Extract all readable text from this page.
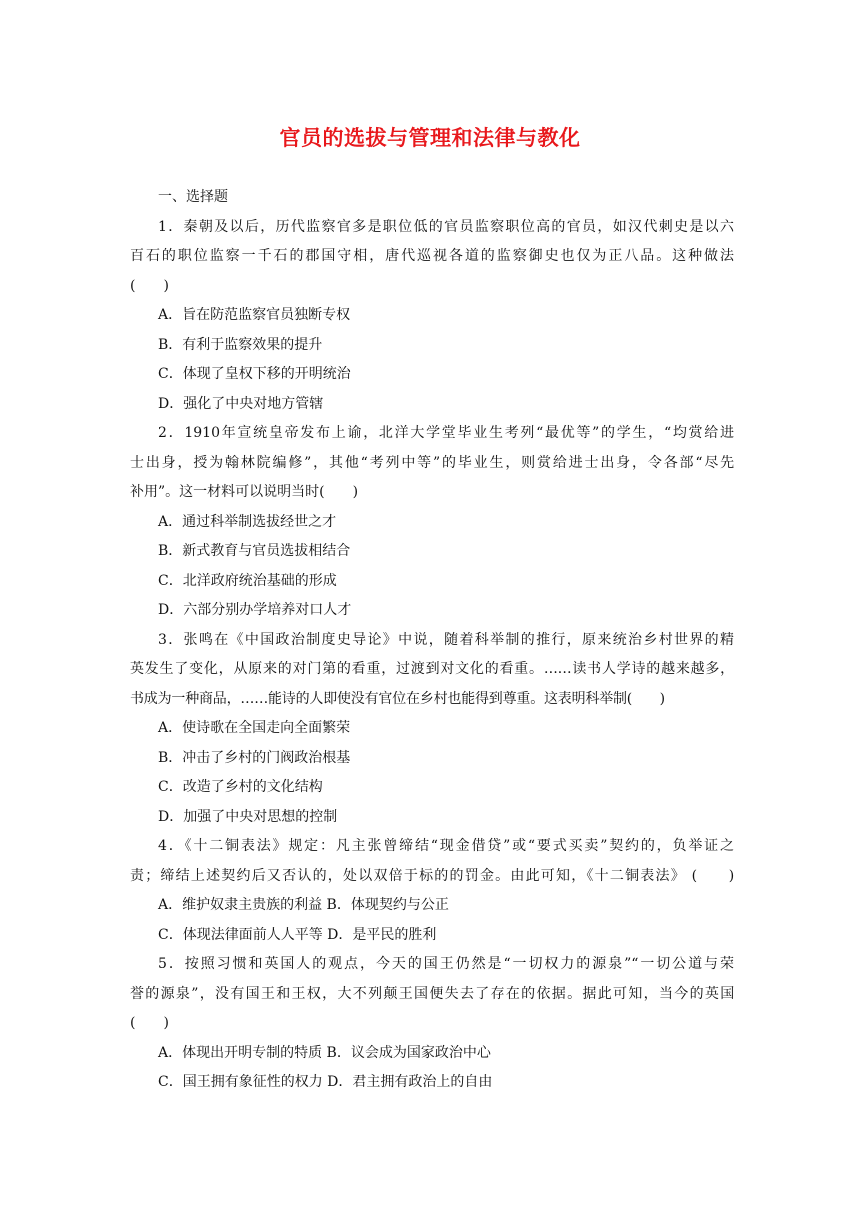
官员的选拔与管理和法律与教化
一、选择题
1．秦朝及以后，历代监察官多是职位低的官员监察职位高的官员，如汉代刺史是以六
百石的职位监察一千石的郡国守相，唐代巡视各道的监察御史也仅为正八品。这种做法
(　　)
A．旨在防范监察官员独断专权
B．有利于监察效果的提升
C．体现了皇权下移的开明统治
D．强化了中央对地方管辖
2．1910年宣统皇帝发布上谕，北洋大学堂毕业生考列“最优等”的学生，“均赏给进
士出身，授为翰林院编修”，其他“考列中等”的毕业生，则赏给进士出身，令各部“尽先
补用”。这一材料可以说明当时(　　)
A．通过科举制选拔经世之才
B．新式教育与官员选拔相结合
C．北洋政府统治基础的形成
D．六部分别办学培养对口人才
3．张鸣在《中国政治制度史导论》中说，随着科举制的推行，原来统治乡村世界的精
英发生了变化，从原来的对门第的看重，过渡到对文化的看重。……读书人学诗的越来越多，
书成为一种商品，……能诗的人即使没有官位在乡村也能得到尊重。这表明科举制(　　)
A．使诗歌在全国走向全面繁荣
B．冲击了乡村的门阀政治根基
C．改造了乡村的文化结构
D．加强了中央对思想的控制
4．《十二铜表法》规定：凡主张曾缔结“现金借贷”或“要式买卖”契约的，负举证之
责；缔结上述契约后又否认的，处以双倍于标的的罚金。由此可知，《十二铜表法》 (　　)
A．维护奴隶主贵族的利益 B．体现契约与公正
C．体现法律面前人人平等 D．是平民的胜利
5．按照习惯和英国人的观点，今天的国王仍然是“一切权力的源泉”“一切公道与荣
誉的源泉”，没有国王和王权，大不列颠王国便失去了存在的依据。据此可知，当今的英国
(　　)
A．体现出开明专制的特质 B．议会成为国家政治中心
C．国王拥有象征性的权力 D．君主拥有政治上的自由
